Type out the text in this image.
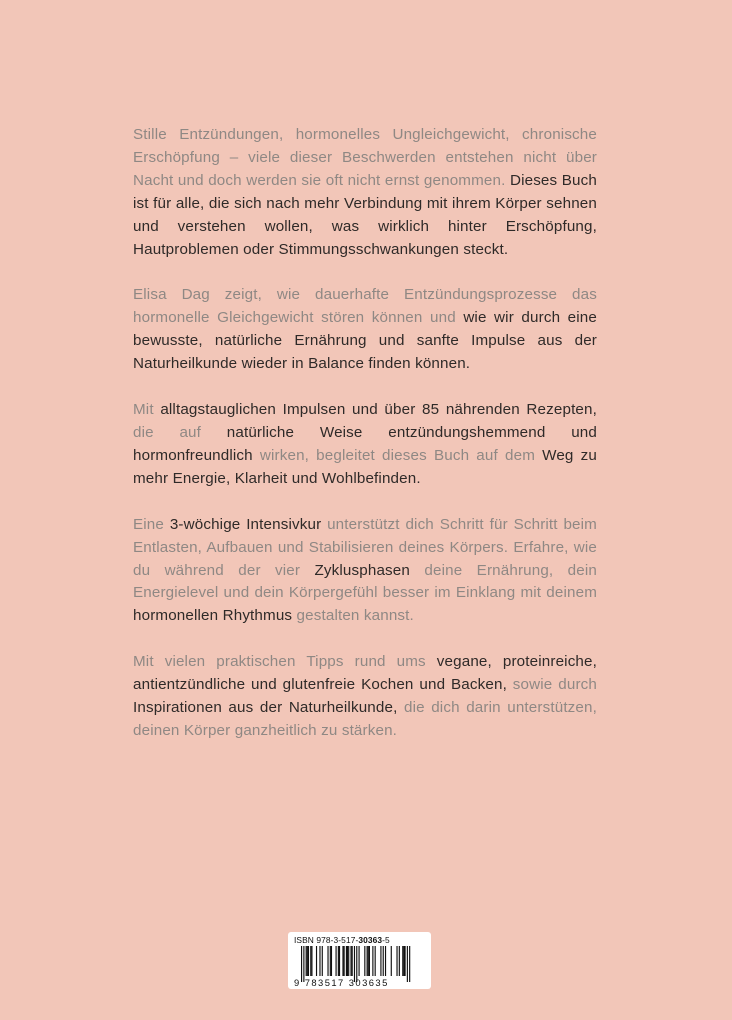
Stille Entzündungen, hormonelles Ungleichgewicht, chronische Erschöpfung – viele dieser Beschwerden entstehen nicht über Nacht und doch werden sie oft nicht ernst genommen. Dieses Buch ist für alle, die sich nach mehr Verbindung mit ihrem Körper sehnen und verstehen wollen, was wirklich hinter Erschöpfung, Hautproblemen oder Stimmungsschwankungen steckt.

Elisa Dag zeigt, wie dauerhafte Entzündungsprozesse das hormonelle Gleichgewicht stören können und wie wir durch eine bewusste, natürliche Ernährung und sanfte Impulse aus der Naturheilkunde wieder in Balance finden können.

Mit alltagstauglichen Impulsen und über 85 nährenden Rezepten, die auf natürliche Weise entzündungshemmend und hormonfreundlich wirken, begleitet dieses Buch auf dem Weg zu mehr Energie, Klarheit und Wohlbefinden.

Eine 3-wöchige Intensivkur unterstützt dich Schritt für Schritt beim Entlasten, Aufbauen und Stabilisieren deines Körpers. Erfahre, wie du während der vier Zyklusphasen deine Ernährung, dein Energielevel und dein Körpergefühl besser im Einklang mit deinem hormonellen Rhythmus gestalten kannst.

Mit vielen praktischen Tipps rund ums vegane, proteinreiche, antientzündliche und glutenfreie Kochen und Backen, sowie durch Inspirationen aus der Naturheilkunde, die dich darin unterstützen, deinen Körper ganzheitlich zu stärken.

ISBN 978-3-517-30363-5
9 783517 303635
